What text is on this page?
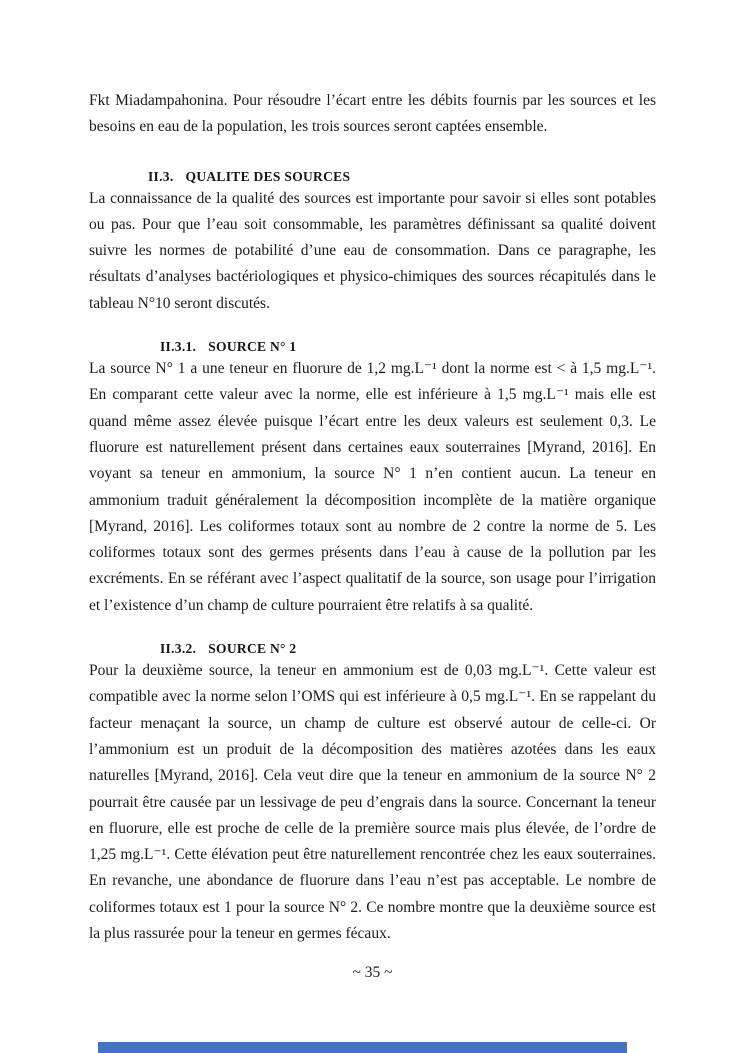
Fkt Miadampahonina. Pour résoudre l’écart entre les débits fournis par les sources et les besoins en eau de la population, les trois sources seront captées ensemble.

II.3. QUALITE DES SOURCES

La connaissance de la qualité des sources est importante pour savoir si elles sont potables ou pas. Pour que l’eau soit consommable, les paramètres définissant sa qualité doivent suivre les normes de potabilité d’une eau de consommation. Dans ce paragraphe, les résultats d’analyses bactériologiques et physico-chimiques des sources récapitulés dans le tableau N°10 seront discutés.

II.3.1. SOURCE N° 1

La source N° 1 a une teneur en fluorure de 1,2 mg.L⁻¹ dont la norme est < à 1,5 mg.L⁻¹. En comparant cette valeur avec la norme, elle est inférieure à 1,5 mg.L⁻¹ mais elle est quand même assez élevée puisque l’écart entre les deux valeurs est seulement 0,3. Le fluorure est naturellement présent dans certaines eaux souterraines [Myrand, 2016]. En voyant sa teneur en ammonium, la source N° 1 n’en contient aucun. La teneur en ammonium traduit généralement la décomposition incomplète de la matière organique [Myrand, 2016]. Les coliformes totaux sont au nombre de 2 contre la norme de 5. Les coliformes totaux sont des germes présents dans l’eau à cause de la pollution par les excréments. En se référant avec l’aspect qualitatif de la source, son usage pour l’irrigation et l’existence d’un champ de culture pourraient être relatifs à sa qualité.

II.3.2. SOURCE N° 2

Pour la deuxième source, la teneur en ammonium est de 0,03 mg.L⁻¹. Cette valeur est compatible avec la norme selon l’OMS qui est inférieure à 0,5 mg.L⁻¹. En se rappelant du facteur menaçant la source, un champ de culture est observé autour de celle-ci. Or l’ammonium est un produit de la décomposition des matières azotées dans les eaux naturelles [Myrand, 2016]. Cela veut dire que la teneur en ammonium de la source N° 2 pourrait être causée par un lessivage de peu d’engrais dans la source. Concernant la teneur en fluorure, elle est proche de celle de la première source mais plus élevée, de l’ordre de 1,25 mg.L⁻¹. Cette élévation peut être naturellement rencontrée chez les eaux souterraines. En revanche, une abondance de fluorure dans l’eau n’est pas acceptable. Le nombre de coliformes totaux est 1 pour la source N° 2. Ce nombre montre que la deuxième source est la plus rassurée pour la teneur en germes fécaux.

~ 35 ~
